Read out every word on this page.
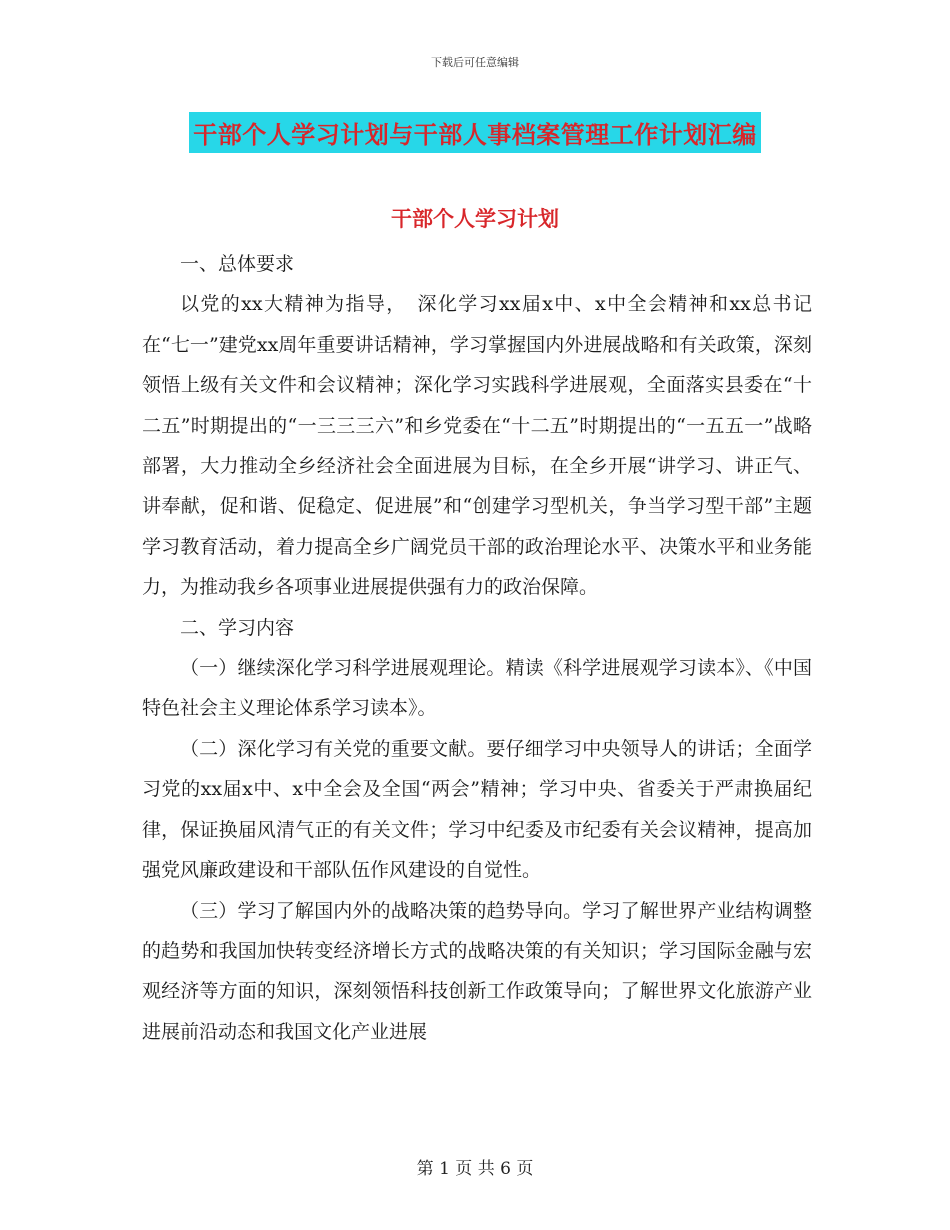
下载后可任意编辑
干部个人学习计划与干部人事档案管理工作计划汇编
干部个人学习计划

一、总体要求

以党的xx大精神为指导，　深化学习xx届x中、x中全会精神和xx总书记在“七一”建党xx周年重要讲话精神，学习掌握国内外进展战略和有关政策，深刻领悟上级有关文件和会议精神；深化学习实践科学进展观，全面落实县委在“十二五”时期提出的“一三三三六”和乡党委在“十二五”时期提出的“一五五一”战略部署，大力推动全乡经济社会全面进展为目标，在全乡开展“讲学习、讲正气、讲奉献，促和谐、促稳定、促进展”和“创建学习型机关，争当学习型干部”主题学习教育活动，着力提高全乡广阔党员干部的政治理论水平、决策水平和业务能力，为推动我乡各项事业进展提供强有力的政治保障。

二、学习内容

（一）继续深化学习科学进展观理论。精读《科学进展观学习读本》、《中国特色社会主义理论体系学习读本》。

（二）深化学习有关党的重要文献。要仔细学习中央领导人的讲话；全面学习党的xx届x中、x中全会及全国“两会”精神；学习中央、省委关于严肃换届纪律，保证换届风清气正的有关文件；学习中纪委及市纪委有关会议精神，提高加强党风廉政建设和干部队伍作风建设的自觉性。

（三）学习了解国内外的战略决策的趋势导向。学习了解世界产业结构调整的趋势和我国加快转变经济增长方式的战略决策的有关知识；学习国际金融与宏观经济等方面的知识，深刻领悟科技创新工作政策导向；了解世界文化旅游产业进展前沿动态和我国文化产业进展

第 1 页 共 6 页
